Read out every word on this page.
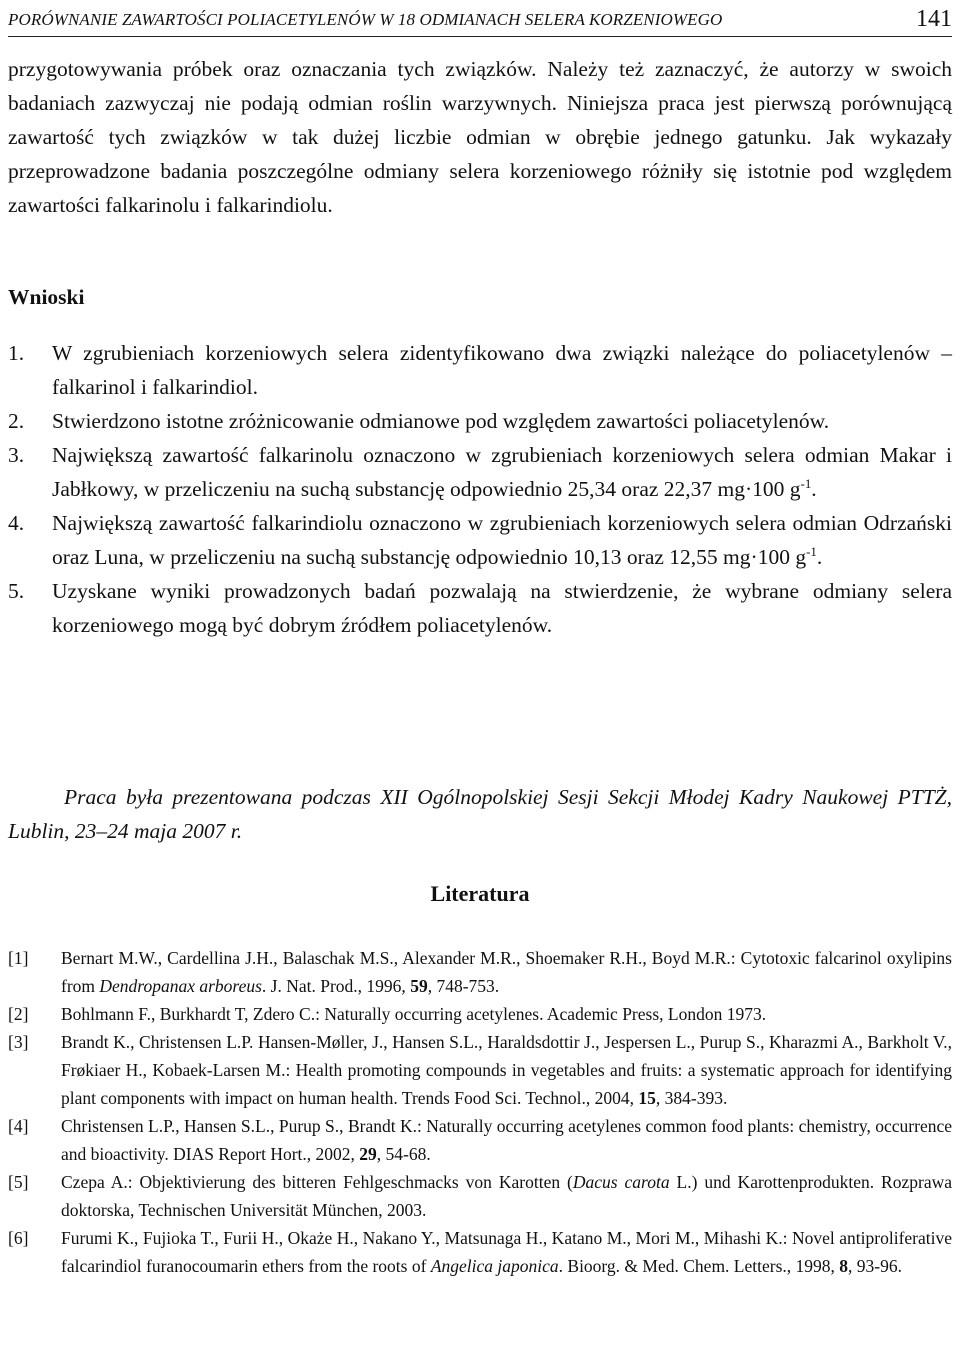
PORÓWNANIE ZAWARTOŚCI POLIACETYLENÓW W 18 ODMIANACH SELERA KORZENIOWEGO	141

przygotowywania próbek oraz oznaczania tych związków. Należy też zaznaczyć, że autorzy w swoich badaniach zazwyczaj nie podają odmian roślin warzywnych. Niniejsza praca jest pierwszą porównującą zawartość tych związków w tak dużej liczbie odmian w obrębie jednego gatunku. Jak wykazały przeprowadzone badania poszczególne odmiany selera korzeniowego różniły się istotnie pod względem zawartości falkarinolu i falkarindiolu.

Wnioski
1. W zgrubieniach korzeniowych selera zidentyfikowano dwa związki należące do poliacetylenów – falkarinol i falkarindiol.
2. Stwierdzono istotne zróżnicowanie odmianowe pod względem zawartości poliacetylenów.
3. Największą zawartość falkarinolu oznaczono w zgrubieniach korzeniowych selera odmian Makar i Jabłkowy, w przeliczeniu na suchą substancję odpowiednio 25,34 oraz 22,37 mg·100 $g^{-1}$.
4. Największą zawartość falkarindiolu oznaczono w zgrubieniach korzeniowych selera odmian Odrzański oraz Luna, w przeliczeniu na suchą substancję odpowiednio 10,13 oraz 12,55 mg·100 $g^{-1}$.
5. Uzyskane wyniki prowadzonych badań pozwalają na stwierdzenie, że wybrane odmiany selera korzeniowego mogą być dobrym źródłem poliacetylenów.

Praca była prezentowana podczas XII Ogólnopolskiej Sesji Sekcji Młodej Kadry Naukowej PTTŻ, Lublin, 23–24 maja 2007 r.

Literatura
[1] Bernart M.W., Cardellina J.H., Balaschak M.S., Alexander M.R., Shoemaker R.H., Boyd M.R.: Cytotoxic falcarinol oxylipins from Dendropanax arboreus. J. Nat. Prod., 1996, 59, 748-753.
[2] Bohlmann F., Burkhardt T, Zdero C.: Naturally occurring acetylenes. Academic Press, London 1973.
[3] Brandt K., Christensen L.P. Hansen-Møller, J., Hansen S.L., Haraldsdottir J., Jespersen L., Purup S., Kharazmi A., Barkholt V., Frøkiaer H., Kobaek-Larsen M.: Health promoting compounds in vegetables and fruits: a systematic approach for identifying plant components with impact on human health. Trends Food Sci. Technol., 2004, 15, 384-393.
[4] Christensen L.P., Hansen S.L., Purup S., Brandt K.: Naturally occurring acetylenes common food plants: chemistry, occurrence and bioactivity. DIAS Report Hort., 2002, 29, 54-68.
[5] Czepa A.: Objektivierung des bitteren Fehlgeschmacks von Karotten (Dacus carota L.) und Karottenprodukten. Rozprawa doktorska, Technischen Universität München, 2003.
[6] Furumi K., Fujioka T., Furii H., Okaże H., Nakano Y., Matsunaga H., Katano M., Mori M., Mihashi K.: Novel antiproliferative falcarindiol furanocoumarin ethers from the roots of Angelica japonica. Bioorg. & Med. Chem. Letters., 1998, 8, 93-96.
